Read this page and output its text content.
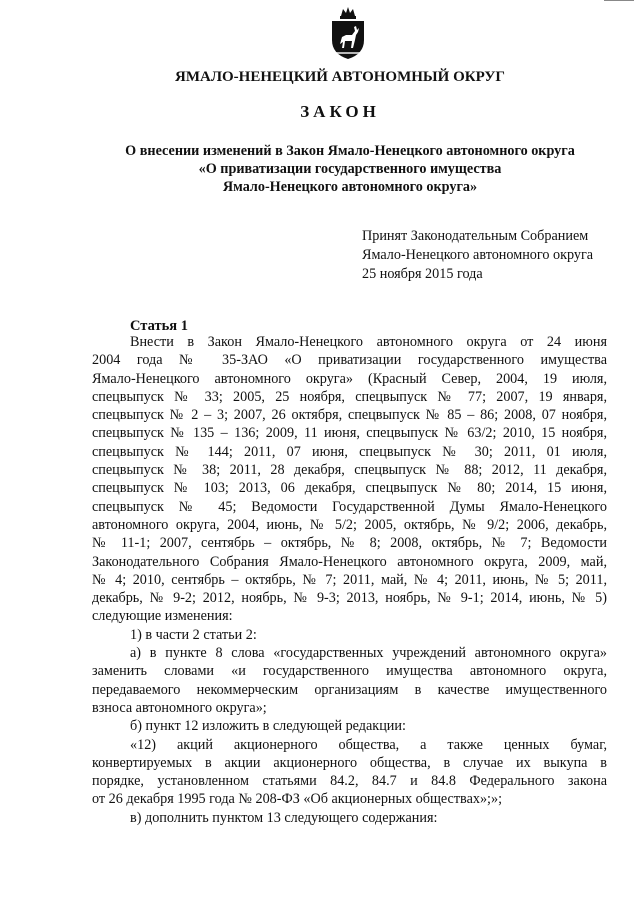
ЯМАЛО-НЕНЕЦКИЙ АВТОНОМНЫЙ ОКРУГ
ЗАКОН
О внесении изменений в Закон Ямало-Ненецкого автономного округа
«О приватизации государственного имущества
Ямало-Ненецкого автономного округа»
Принят Законодательным Собранием
Ямало-Ненецкого автономного округа
25 ноября 2015 года
Статья 1

Внести в Закон Ямало-Ненецкого автономного округа от 24 июня

2004 года № 35-ЗАО «О приватизации государственного имущества

Ямало-Ненецкого автономного округа» (Красный Север, 2004, 19 июля,

спецвыпуск № 33; 2005, 25 ноября, спецвыпуск № 77; 2007, 19 января,

спецвыпуск № 2 – 3; 2007, 26 октября, спецвыпуск № 85 – 86; 2008, 07 ноября,

спецвыпуск № 135 – 136; 2009, 11 июня, спецвыпуск № 63/2; 2010, 15 ноября,

спецвыпуск № 144; 2011, 07 июня, спецвыпуск № 30; 2011, 01 июля,

спецвыпуск № 38; 2011, 28 декабря, спецвыпуск № 88; 2012, 11 декабря,

спецвыпуск № 103; 2013, 06 декабря, спецвыпуск № 80; 2014, 15 июня,

спецвыпуск № 45; Ведомости Государственной Думы Ямало-Ненецкого

автономного округа, 2004, июнь, № 5/2; 2005, октябрь, № 9/2; 2006, декабрь,

№ 11-1; 2007, сентябрь – октябрь, № 8; 2008, октябрь, № 7; Ведомости

Законодательного Собрания Ямало-Ненецкого автономного округа, 2009, май,

№ 4; 2010, сентябрь – октябрь, № 7; 2011, май, № 4; 2011, июнь, № 5; 2011,

декабрь, № 9-2; 2012, ноябрь, № 9-3; 2013, ноябрь, № 9-1; 2014, июнь, № 5)

следующие изменения:

1) в части 2 статьи 2:

а) в пункте 8 слова «государственных учреждений автономного округа»

заменить словами «и государственного имущества автономного округа,

передаваемого некоммерческим организациям в качестве имущественного

взноса автономного округа»;

б) пункт 12 изложить в следующей редакции:

«12) акций акционерного общества, а также ценных бумаг,

конвертируемых в акции акционерного общества, в случае их выкупа в

порядке, установленном статьями 84.2, 84.7 и 84.8 Федерального закона

от 26 декабря 1995 года № 208-ФЗ «Об акционерных обществах»;»;

в) дополнить пунктом 13 следующего содержания:
